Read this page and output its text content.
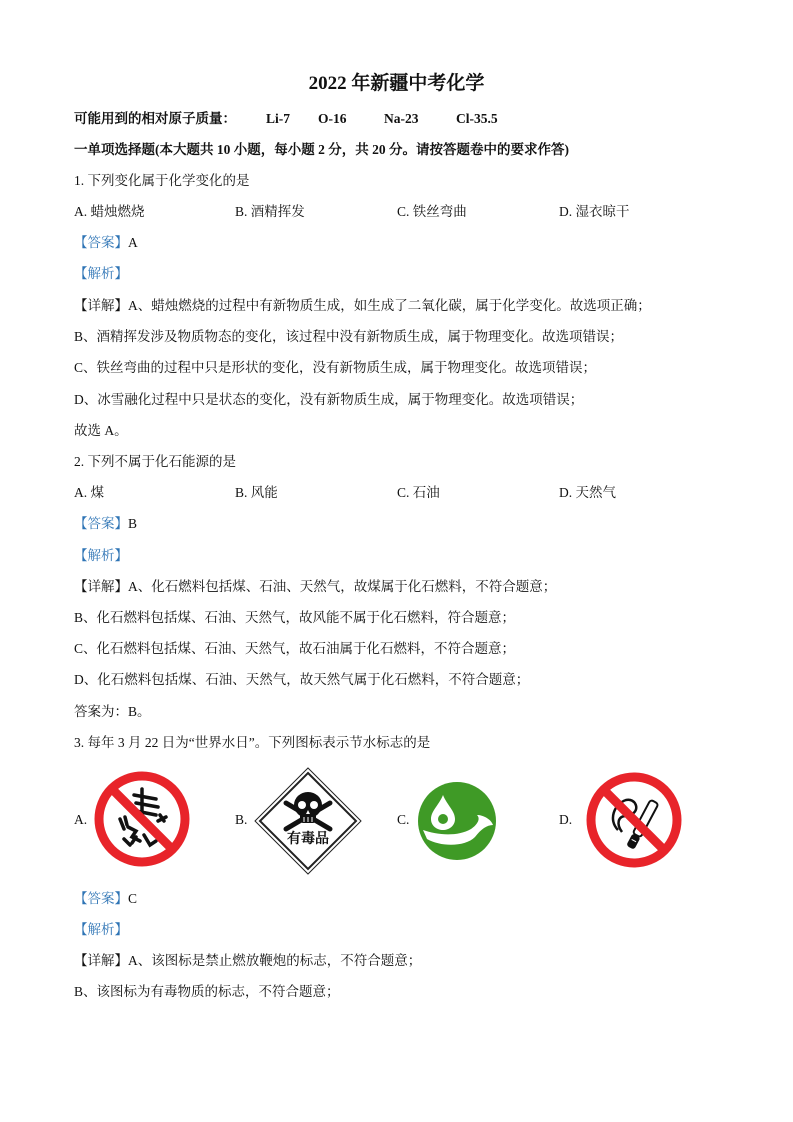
2022 年新疆中考化学
可能用到的相对原子质量： Li-7 O-16	Na-23	Cl-35.5
一单项选择题(本大题共 10 小题，每小题 2 分，共 20 分。请按答题卷中的要求作答)
1. 下列变化属于化学变化的是
A. 蜡烛燃烧	B. 酒精挥发	C. 铁丝弯曲	D. 湿衣晾干
【答案】A
【解析】
【详解】A、蜡烛燃烧的过程中有新物质生成，如生成了二氧化碳，属于化学变化。故选项正确；
B、酒精挥发涉及物质物态的变化，该过程中没有新物质生成，属于物理变化。故选项错误；
C、铁丝弯曲的过程中只是形状的变化，没有新物质生成，属于物理变化。故选项错误；
D、冰雪融化过程中只是状态的变化，没有新物质生成，属于物理变化。故选项错误；
故选 A。
2. 下列不属于化石能源的是
A. 煤	B. 风能	C. 石油	D. 天然气
【答案】B
【解析】
【详解】A、化石燃料包括煤、石油、天然气，故煤属于化石燃料，不符合题意；
B、化石燃料包括煤、石油、天然气，故风能不属于化石燃料，符合题意；
C、化石燃料包括煤、石油、天然气，故石油属于化石燃料，不符合题意；
D、化石燃料包括煤、石油、天然气，故天然气属于化石燃料，不符合题意；
答案为：B。
3. 每年 3 月 22 日为“世界水日”。下列图标表示节水标志的是
A.	B.
有毒品
C.	D.
【答案】C
【解析】
【详解】A、该图标是禁止燃放鞭炮的标志，不符合题意；
B、该图标为有毒物质的标志，不符合题意；
